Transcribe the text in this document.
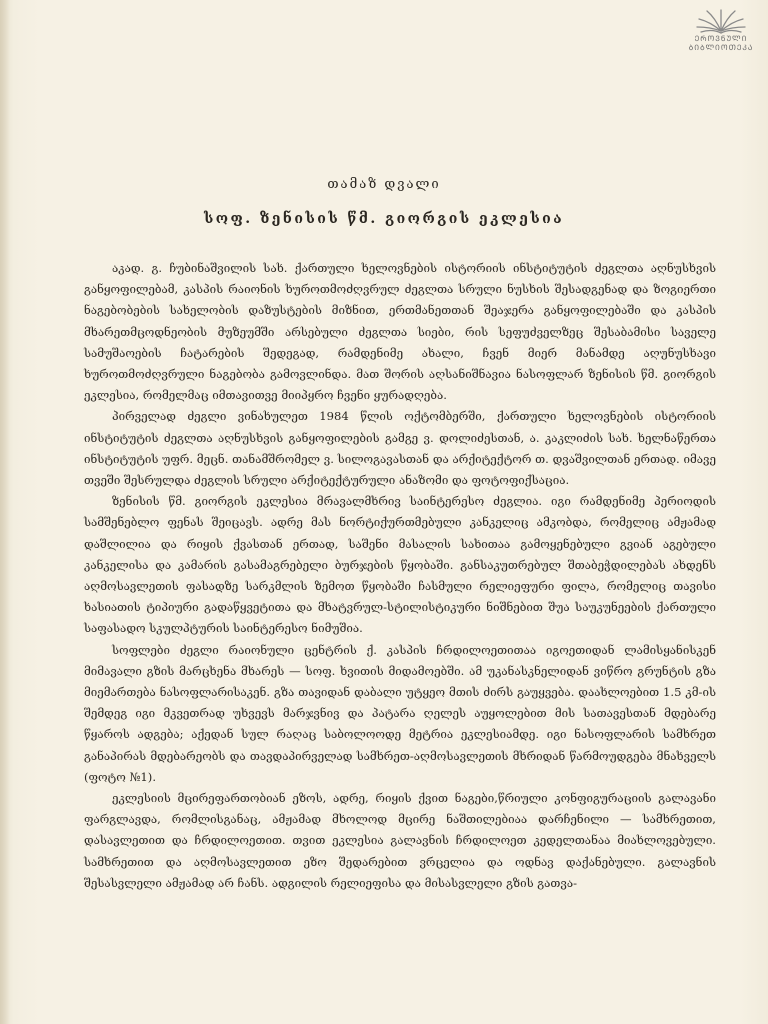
ᲔᲠᲝᲕᲜᲣᲚᲘ
ᲑᲘᲑᲚᲘᲝᲗᲔᲙᲐ
თამაზ დვალი
სოფ. ზენისის წმ. გიორგის ეკლესია

აკად. გ. ჩუბინაშვილის სახ. ქართული ხელოვნების ისტორიის ინსტიტუტის ძეგლთა აღნუსხვის განყოფილებამ, კასპის რაიონის ხუროთმოძღვრულ ძეგლთა სრული ნუსხის შესადგენად და ზოგიერთი ნაგებობების სახელობის დაზუსტების მიზნით, ერთმანეთთან შეაჯერა განყოფილებაში და კასპის მხარეთმცოდნეობის მუზეუმში არსებული ძეგლთა სიები, რის სეფუძველზეც შესაბამისი საველე სამუშაოების ჩატარების შედეგად, რამდენიმე ახალი, ჩვენ მიერ მანამდე აღუნუსხავი ხუროთმოძღვრული ნაგებობა გამოვლინდა. მათ შორის აღსანიშნავია ნასოფლარ ზენისის წმ. გიორგის ეკლესია, რომელმაც იმთავითვე მიიპყრო ჩვენი ყურადღება.

პირველად ძეგლი ვინახულეთ 1984 წლის ოქტომბერში, ქართული ხელოვნების ისტორიის ინსტიტუტის ძეგლთა აღნუსხვის განყოფილების გამგე ვ. დოლიძესთან, ა. კაკლიძის სახ. ხელნაწერთა ინსტიტუტის უფრ. მეცნ. თანამშრომელ ვ. სილოგავასთან და არქიტექტორ თ. დვაშვილთან ერთად. იმავე თვეში შესრულდა ძეგლის სრული არქიტექტურული ანაზომი და ფოტოფიქსაცია.

ზენისის წმ. გიორგის ეკლესია მრავალმხრივ საინტერესო ძეგლია. იგი რამდენიმე პერიოდის სამშენებლო ფენას შეიცავს. ადრე მას ნორტიქურთმებული კანკელიც ამკობდა, რომელიც ამჟამად დაშლილია და რიყის ქვასთან ერთად, საშენი მასალის სახითაა გამოყენებული გვიან აგებული კანკელისა და კამარის გასამაგრებელი ბურჯების წყობაში. განსაკუთრებულ შთაბეჭდილებას ახდენს აღმოსავლეთის ფასადზე სარკმლის ზემოთ წყობაში ჩასმული რელიეფური ფილა, რომელიც თავისი ხასიათის ტიპიური გადაწყვეტითა და მხატვრულ-სტილისტიკური ნიშნებით შუა საუკუნეების ქართული საფასადო სკულპტურის საინტერესო ნიმუშია.

სოფლები ძეგლი რაიონული ცენტრის ქ. კასპის ჩრდილოეთითაა იგოეთიდან ლამისყანისკენ მიმავალი გზის მარცხენა მხარეს — სოფ. ხვითის მიდამოებში. ამ უკანასკნელიდან ვიწრო გრუნტის გზა მიემართება ნასოფლარისაკენ. გზა თავიდან დაბალი უტყეო მთის ძირს გაუყვება. დაახლოებით 1.5 კმ-ის შემდეგ იგი მკვეთრად უხვევს მარჯვნივ და პატარა ღელეს აუყოლებით მის სათავესთან მდებარე წყაროს ადგება; აქედან სულ რაღაც საბოლოოდე მეტრია ეკლესიამდე. იგი ნასოფლარის სამხრეთ განაპირას მდებარეობს და თავდაპირველად სამხრეთ-აღმოსავლეთის მხრიდან წარმოუდგება მნახველს (ფოტო №1).

ეკლესიის მცირეფართობიან ეზოს, ადრე, რიყის ქვით ნაგები,წრიული კონფიგურაციის გალავანი ფარგლავდა, რომლისგანაც, ამჟამად მხოლოდ მცირე ნაშთილებიაა დარჩენილი — სამხრეთით, დასავლეთით და ჩრდილოეთით. თვით ეკლესია გალავნის ჩრდილოეთ კედელთანაა მიახლოვებული. სამხრეთით და აღმოსავლეთით ეზო შედარებით ვრცელია და ოდნავ დაქანებული. გალავნის შესასვლელი ამჟამად არ ჩანს. ადგილის რელიეფისა და მისასვლელი გზის გათვა-
